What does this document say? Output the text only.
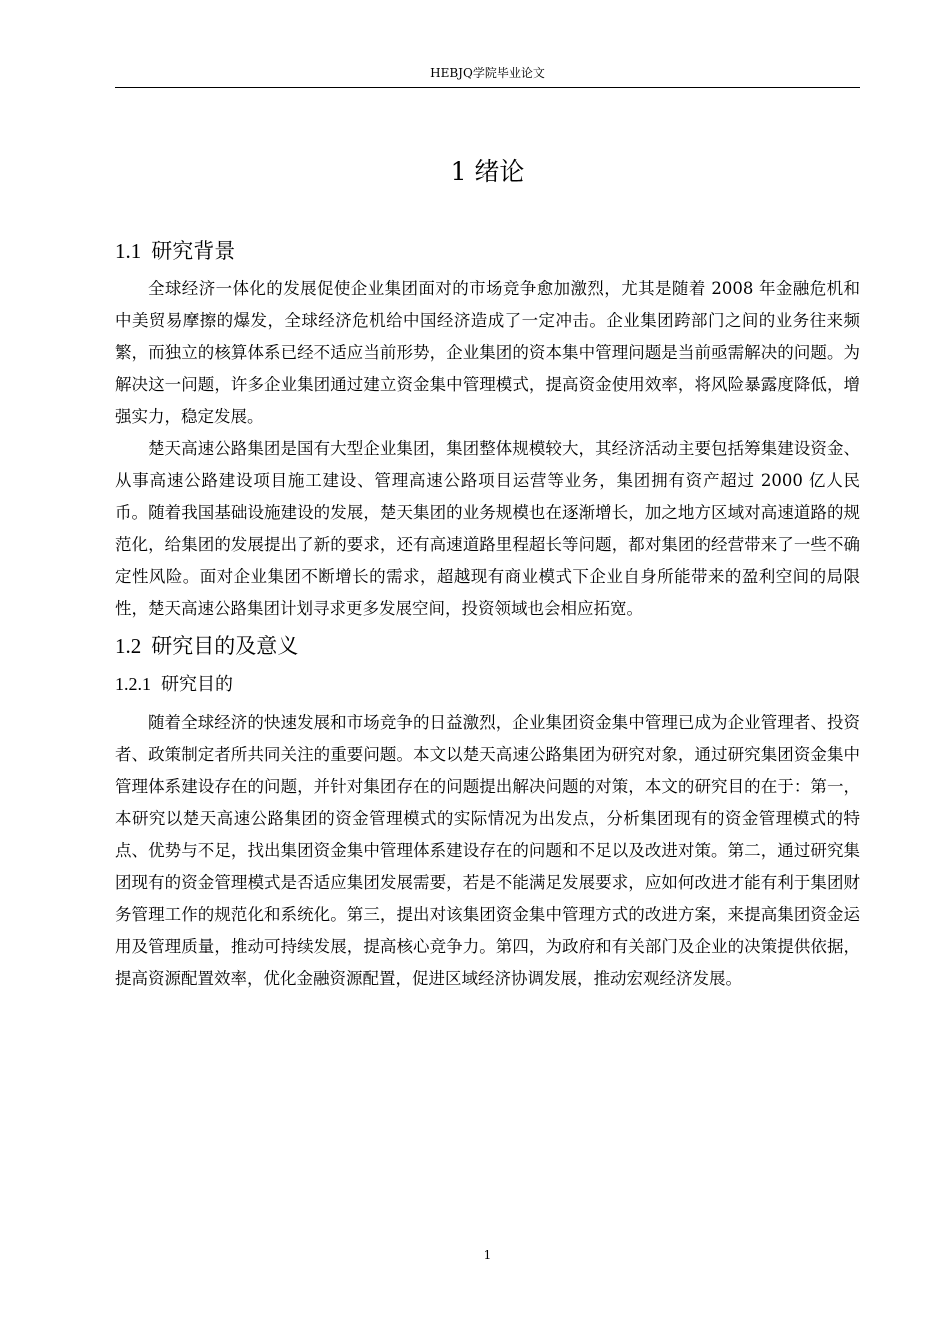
HEBJQ学院毕业论文
1 绪论
1.1 研究背景

全球经济一体化的发展促使企业集团面对的市场竞争愈加激烈，尤其是随着 2008 年金融危机和中美贸易摩擦的爆发，全球经济危机给中国经济造成了一定冲击。企业集团跨部门之间的业务往来频繁，而独立的核算体系已经不适应当前形势，企业集团的资本集中管理问题是当前亟需解决的问题。为解决这一问题，许多企业集团通过建立资金集中管理模式，提高资金使用效率，将风险暴露度降低，增强实力，稳定发展。

楚天高速公路集团是国有大型企业集团，集团整体规模较大，其经济活动主要包括筹集建设资金、从事高速公路建设项目施工建设、管理高速公路项目运营等业务，集团拥有资产超过 2000 亿人民币。随着我国基础设施建设的发展，楚天集团的业务规模也在逐渐增长，加之地方区域对高速道路的规范化，给集团的发展提出了新的要求，还有高速道路里程超长等问题，都对集团的经营带来了一些不确定性风险。面对企业集团不断增长的需求，超越现有商业模式下企业自身所能带来的盈利空间的局限性，楚天高速公路集团计划寻求更多发展空间，投资领域也会相应拓宽。

1.2 研究目的及意义
1.2.1 研究目的

随着全球经济的快速发展和市场竞争的日益激烈，企业集团资金集中管理已成为企业管理者、投资者、政策制定者所共同关注的重要问题。本文以楚天高速公路集团为研究对象，通过研究集团资金集中管理体系建设存在的问题，并针对集团存在的问题提出解决问题的对策，本文的研究目的在于：第一，本研究以楚天高速公路集团的资金管理模式的实际情况为出发点，分析集团现有的资金管理模式的特点、优势与不足，找出集团资金集中管理体系建设存在的问题和不足以及改进对策。第二，通过研究集团现有的资金管理模式是否适应集团发展需要，若是不能满足发展要求，应如何改进才能有利于集团财务管理工作的规范化和系统化。第三，提出对该集团资金集中管理方式的改进方案，来提高集团资金运用及管理质量，推动可持续发展，提高核心竞争力。第四，为政府和有关部门及企业的决策提供依据，提高资源配置效率，优化金融资源配置，促进区域经济协调发展，推动宏观经济发展。

1
